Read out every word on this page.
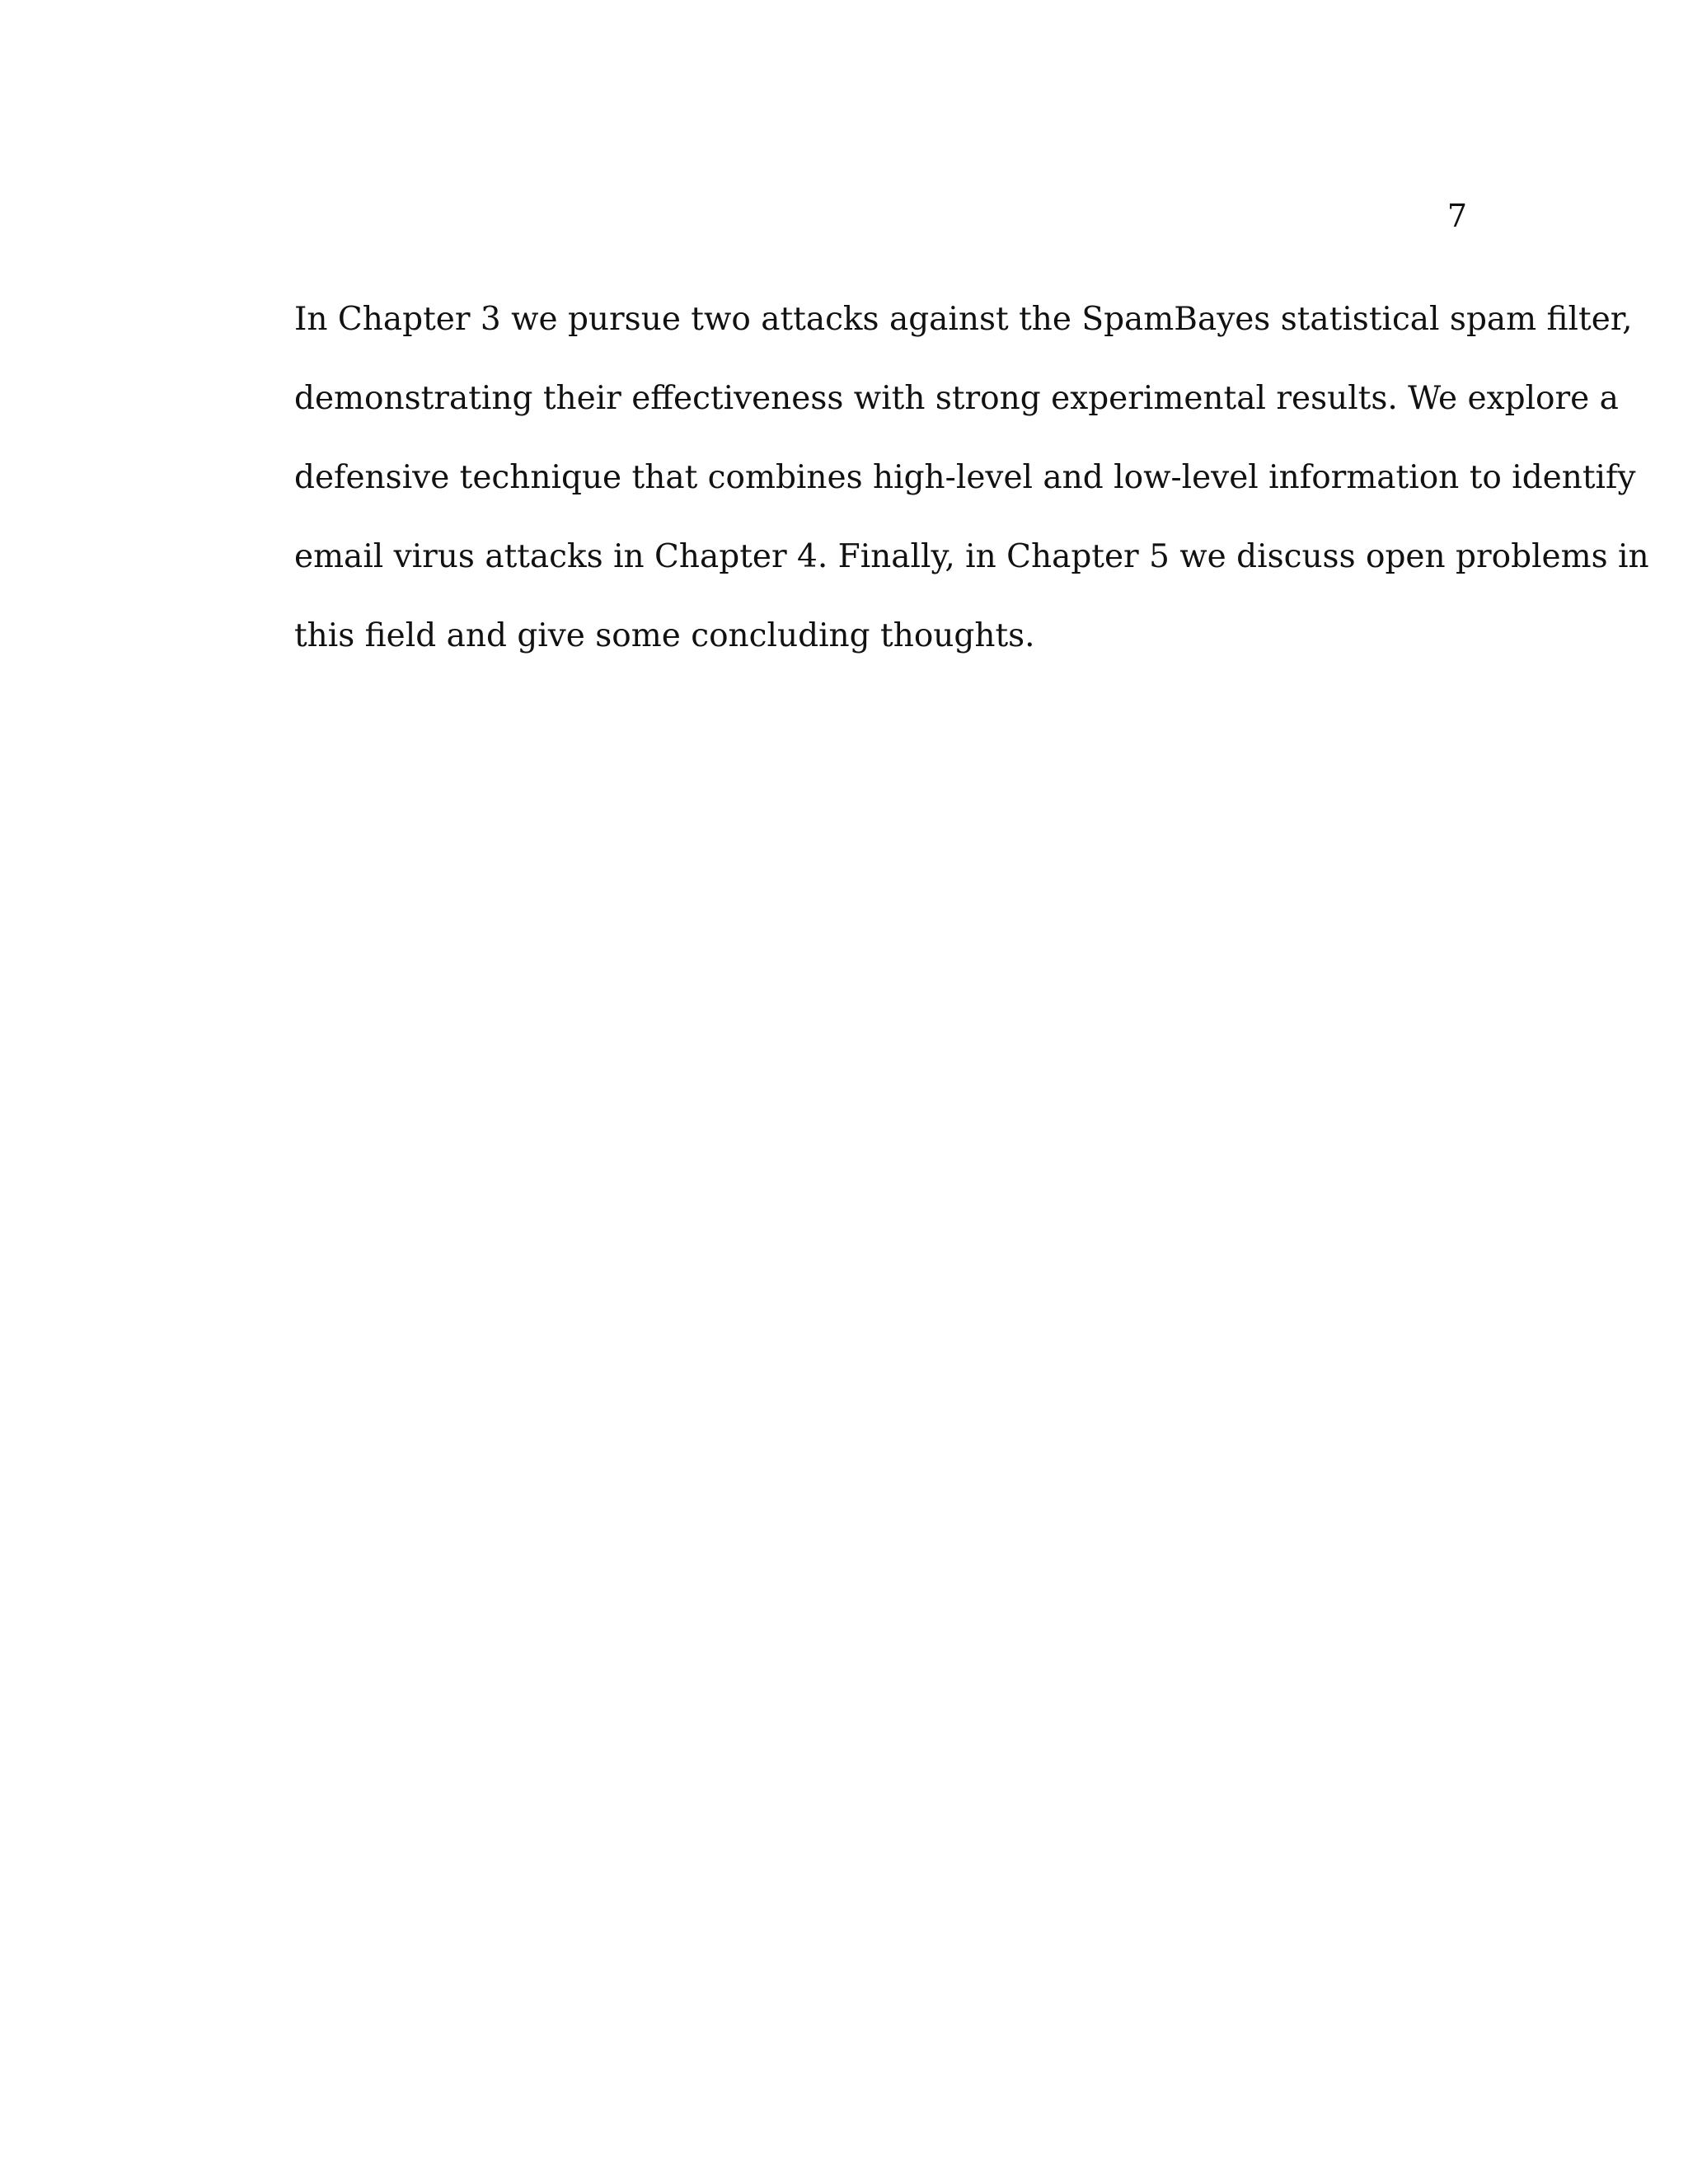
7
In Chapter 3 we pursue two attacks against the SpamBayes statistical spam filter,
demonstrating their effectiveness with strong experimental results. We explore a
defensive technique that combines high-level and low-level information to identify
email virus attacks in Chapter 4. Finally, in Chapter 5 we discuss open problems in
this field and give some concluding thoughts.
